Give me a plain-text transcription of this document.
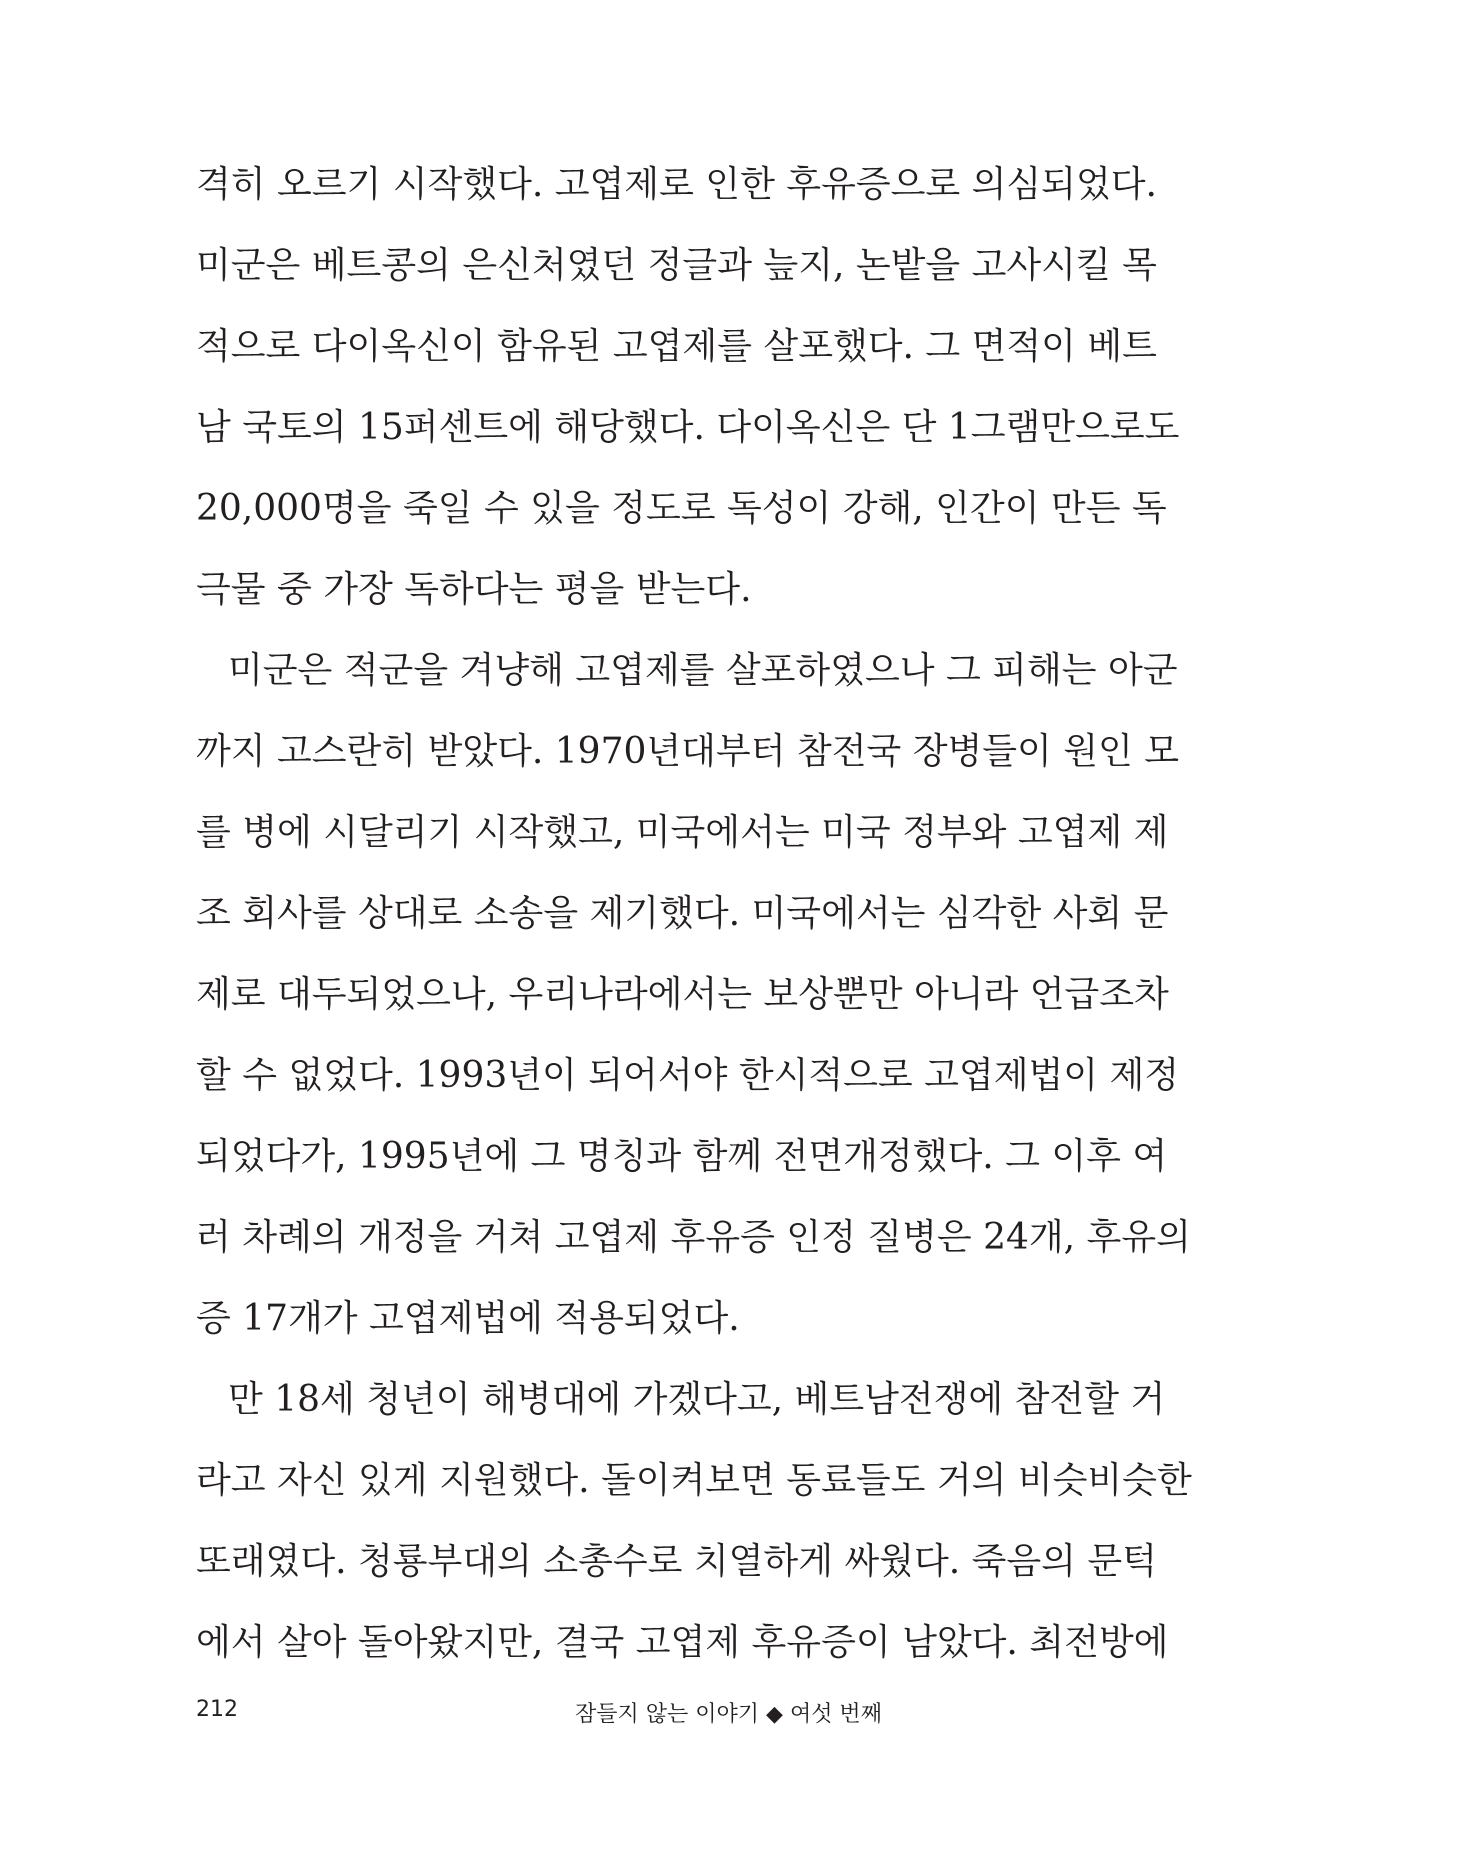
격히 오르기 시작했다. 고엽제로 인한 후유증으로 의심되었다.
미군은 베트콩의 은신처였던 정글과 늪지, 논밭을 고사시킬 목
적으로 다이옥신이 함유된 고엽제를 살포했다. 그 면적이 베트
남 국토의 15퍼센트에 해당했다. 다이옥신은 단 1그램만으로도
20,000명을 죽일 수 있을 정도로 독성이 강해, 인간이 만든 독
극물 중 가장 독하다는 평을 받는다.
미군은 적군을 겨냥해 고엽제를 살포하였으나 그 피해는 아군
까지 고스란히 받았다. 1970년대부터 참전국 장병들이 원인 모
를 병에 시달리기 시작했고, 미국에서는 미국 정부와 고엽제 제
조 회사를 상대로 소송을 제기했다. 미국에서는 심각한 사회 문
제로 대두되었으나, 우리나라에서는 보상뿐만 아니라 언급조차
할 수 없었다. 1993년이 되어서야 한시적으로 고엽제법이 제정
되었다가, 1995년에 그 명칭과 함께 전면개정했다. 그 이후 여
러 차례의 개정을 거쳐 고엽제 후유증 인정 질병은 24개, 후유의
증 17개가 고엽제법에 적용되었다.
만 18세 청년이 해병대에 가겠다고, 베트남전쟁에 참전할 거
라고 자신 있게 지원했다. 돌이켜보면 동료들도 거의 비슷비슷한
또래였다. 청룡부대의 소총수로 치열하게 싸웠다. 죽음의 문턱
에서 살아 돌아왔지만, 결국 고엽제 후유증이 남았다. 최전방에
212	잠들지 않는 이야기 ◆ 여섯 번째
